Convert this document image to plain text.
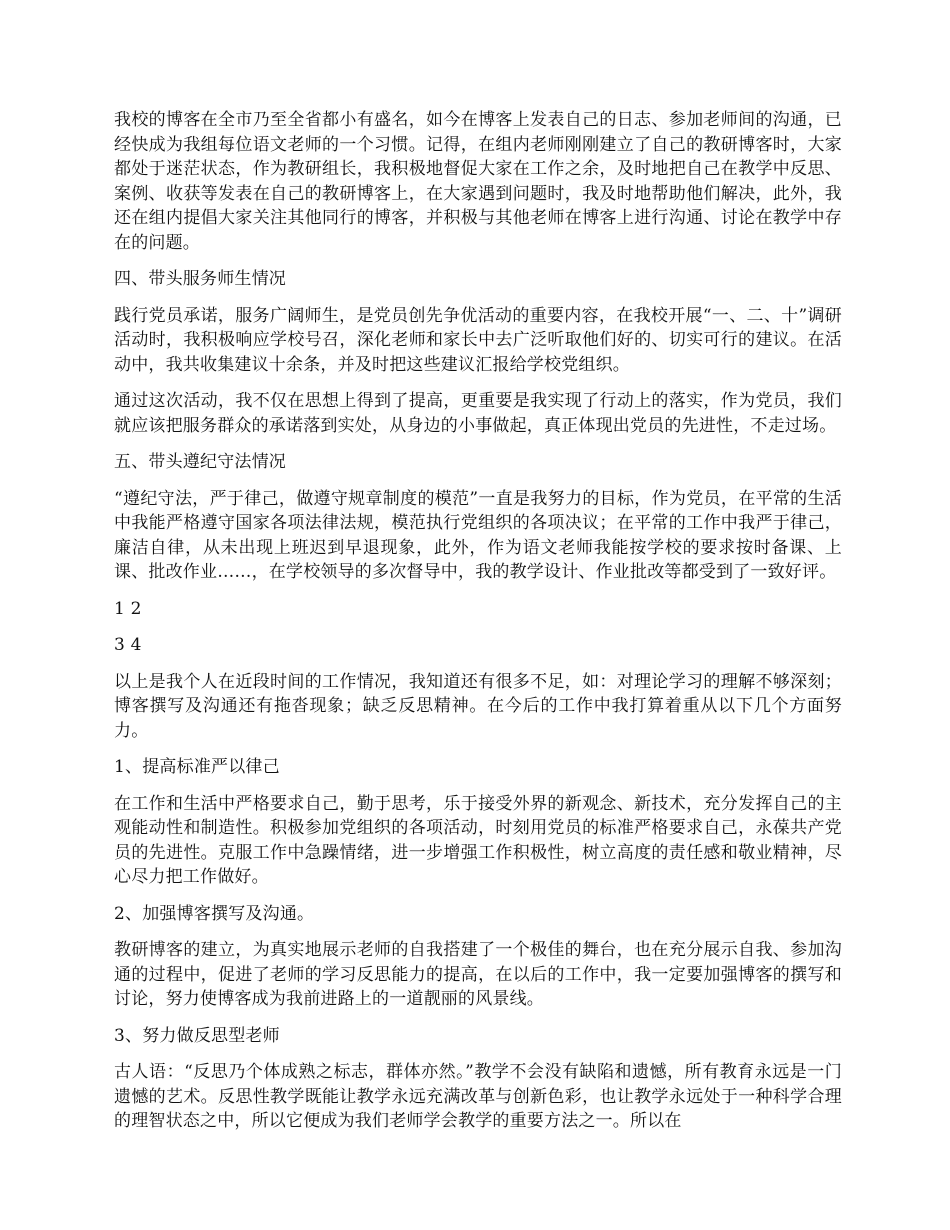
我校的博客在全市乃至全省都小有盛名，如今在博客上发表自己的日志、参加老师间的沟通，已经快成为我组每位语文老师的一个习惯。记得，在组内老师刚刚建立了自己的教研博客时，大家都处于迷茫状态，作为教研组长，我积极地督促大家在工作之余，及时地把自己在教学中反思、案例、收获等发表在自己的教研博客上，在大家遇到问题时，我及时地帮助他们解决，此外，我还在组内提倡大家关注其他同行的博客，并积极与其他老师在博客上进行沟通、讨论在教学中存在的问题。

四、带头服务师生情况

践行党员承诺，服务广阔师生，是党员创先争优活动的重要内容，在我校开展“一、二、十”调研活动时，我积极响应学校号召，深化老师和家长中去广泛听取他们好的、切实可行的建议。在活动中，我共收集建议十余条，并及时把这些建议汇报给学校党组织。

通过这次活动，我不仅在思想上得到了提高，更重要是我实现了行动上的落实，作为党员，我们就应该把服务群众的承诺落到实处，从身边的小事做起，真正体现出党员的先进性，不走过场。

五、带头遵纪守法情况

“遵纪守法，严于律己，做遵守规章制度的模范”一直是我努力的目标，作为党员，在平常的生活中我能严格遵守国家各项法律法规，模范执行党组织的各项决议；在平常的工作中我严于律己，廉洁自律，从未出现上班迟到早退现象，此外，作为语文老师我能按学校的要求按时备课、上课、批改作业……，在学校领导的多次督导中，我的教学设计、作业批改等都受到了一致好评。

1 2

3 4

以上是我个人在近段时间的工作情况，我知道还有很多不足，如：对理论学习的理解不够深刻；博客撰写及沟通还有拖沓现象；缺乏反思精神。在今后的工作中我打算着重从以下几个方面努力。

1、提高标准严以律己

在工作和生活中严格要求自己，勤于思考，乐于接受外界的新观念、新技术，充分发挥自己的主观能动性和制造性。积极参加党组织的各项活动，时刻用党员的标准严格要求自己，永葆共产党员的先进性。克服工作中急躁情绪，进一步增强工作积极性，树立高度的责任感和敬业精神，尽心尽力把工作做好。

2、加强博客撰写及沟通。

教研博客的建立，为真实地展示老师的自我搭建了一个极佳的舞台，也在充分展示自我、参加沟通的过程中，促进了老师的学习反思能力的提高，在以后的工作中，我一定要加强博客的撰写和讨论，努力使博客成为我前进路上的一道靓丽的风景线。

3、努力做反思型老师

古人语：“反思乃个体成熟之标志，群体亦然。”教学不会没有缺陷和遗憾，所有教育永远是一门遗憾的艺术。反思性教学既能让教学永远充满改革与创新色彩，也让教学永远处于一种科学合理的理智状态之中，所以它便成为我们老师学会教学的重要方法之一。所以在
